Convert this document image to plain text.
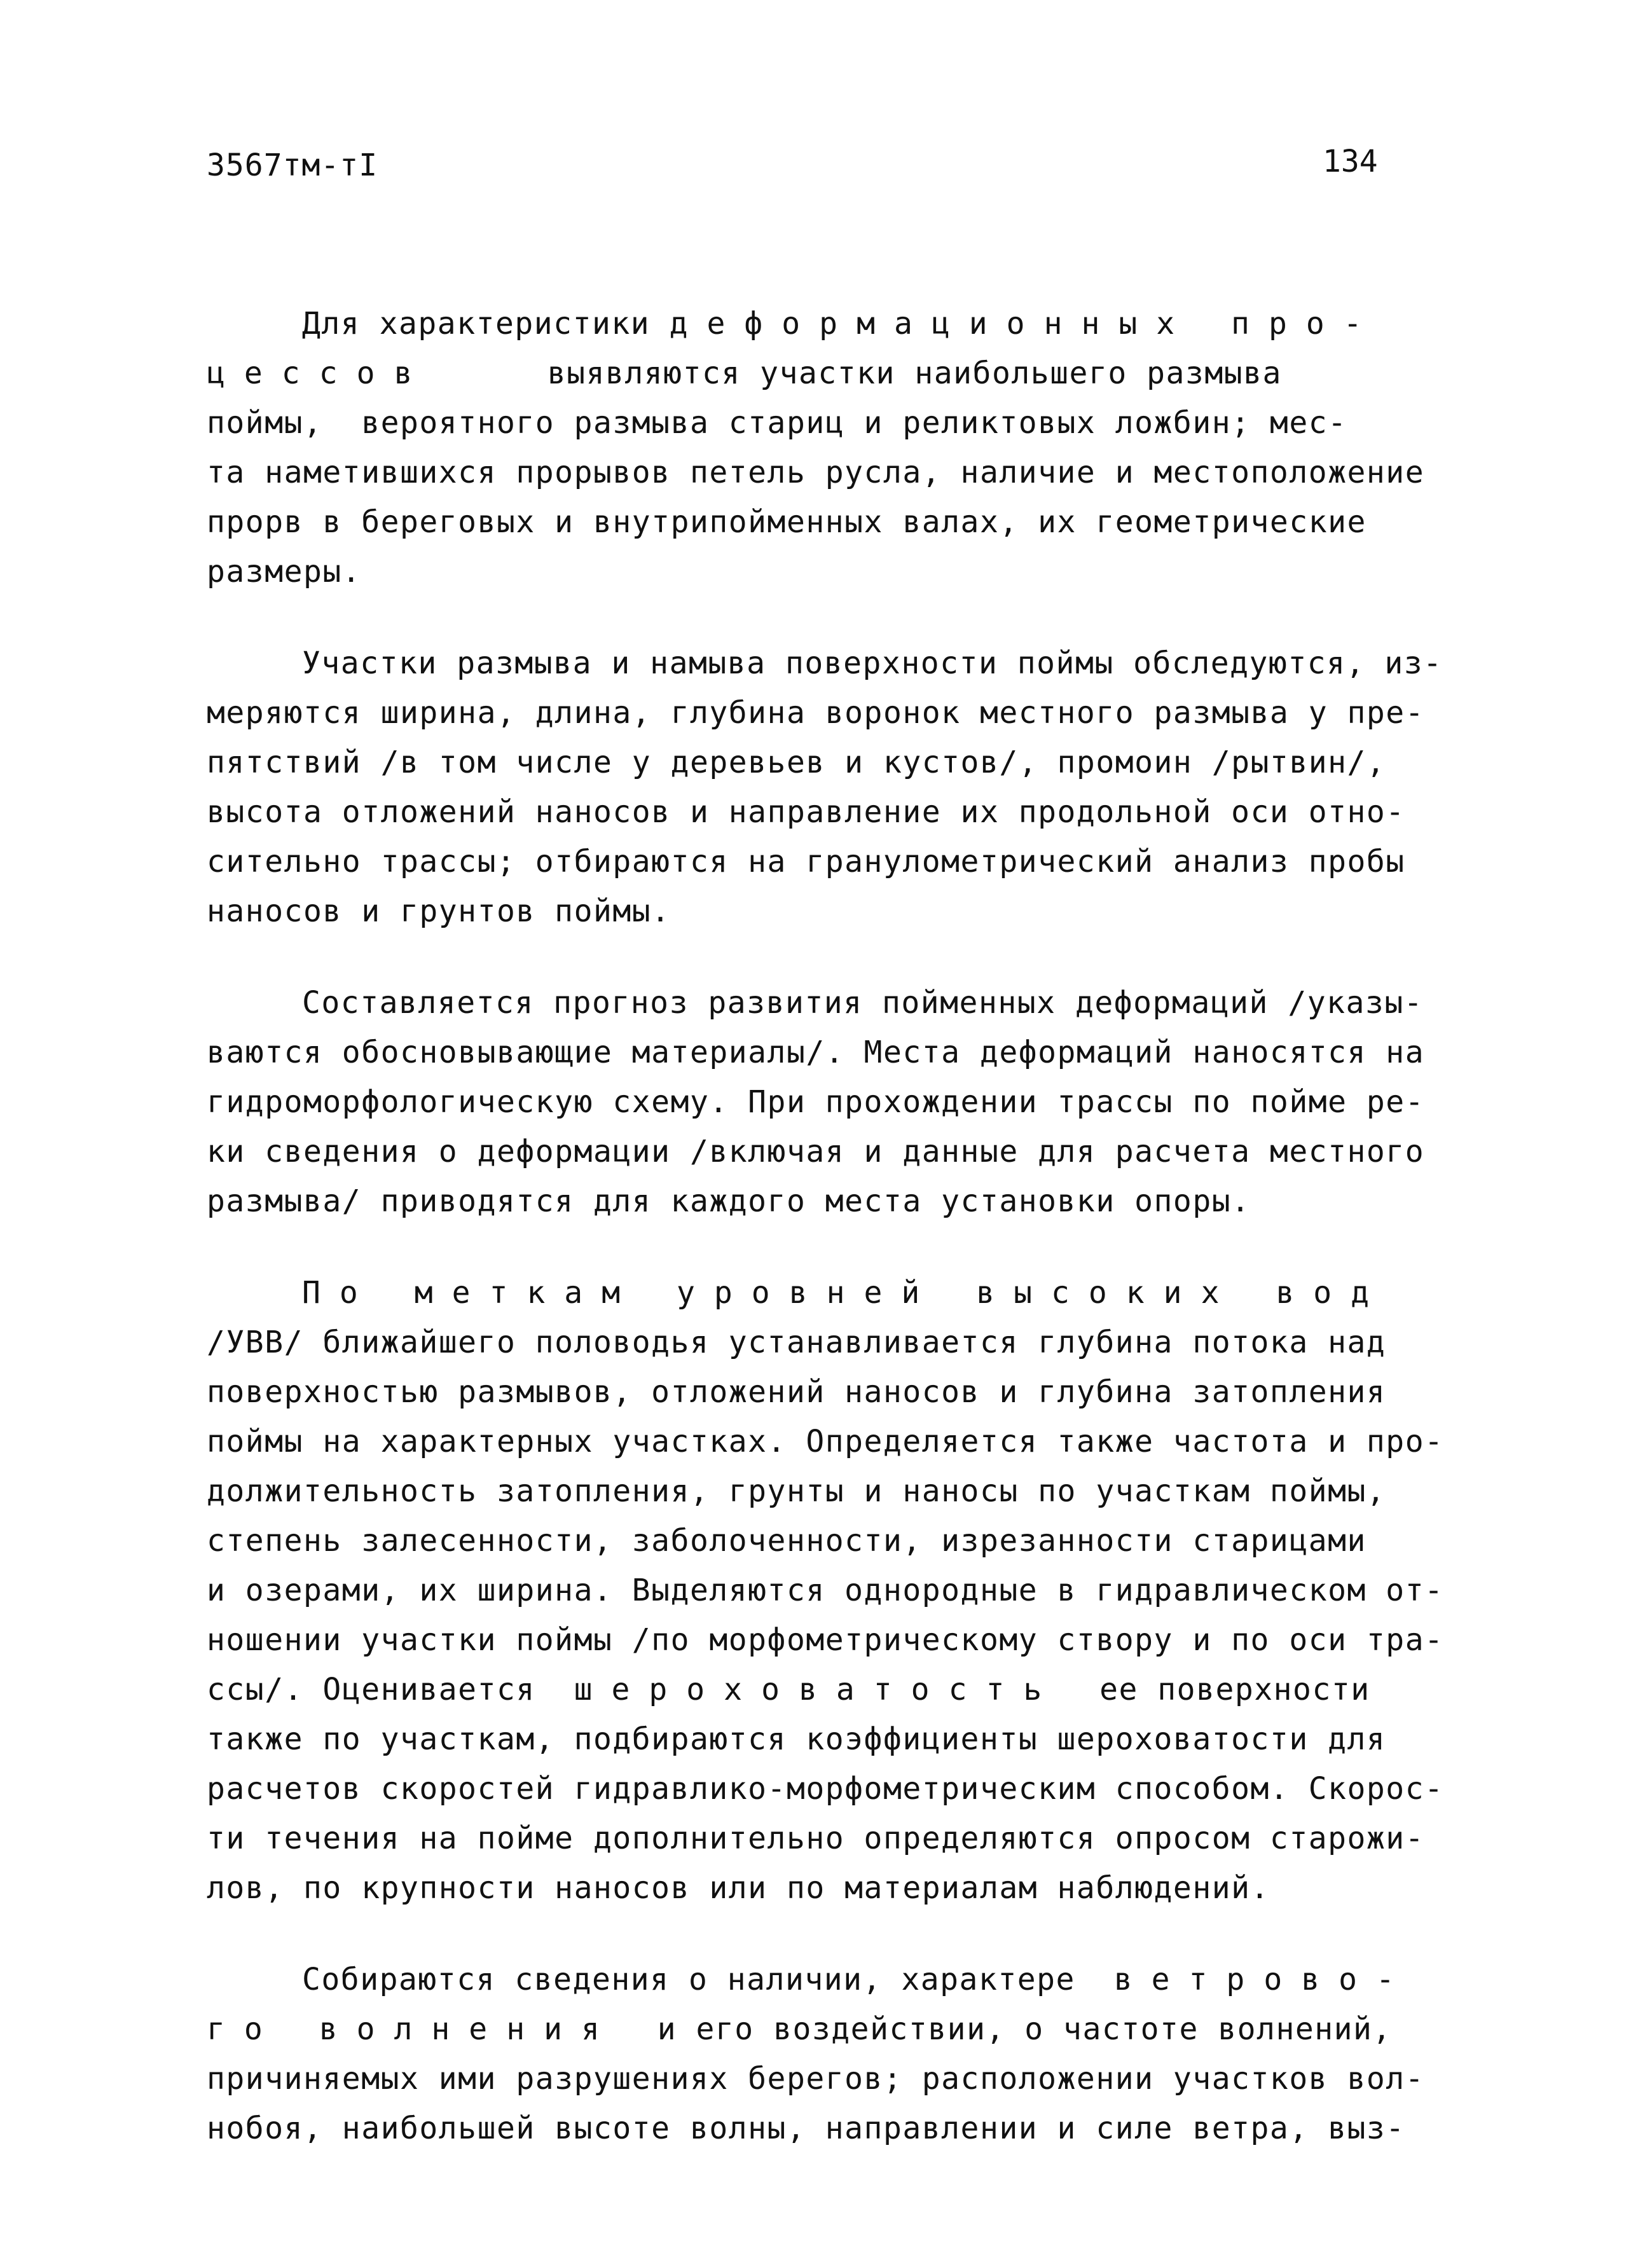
3567тм-тI	134
Для характеристики деформационных про-
цессов      выявляются участки наибольшего размыва
поймы,  вероятного размыва стариц и реликтовых ложбин; мес-
та наметившихся прорывов петель русла, наличие и местоположение
прорв в береговых и внутрипойменных валах, их геометрические
размеры.
Участки размыва и намыва поверхности поймы обследуются, из-
меряются ширина, длина, глубина воронок местного размыва у пре-
пятствий /в том числе у деревьев и кустов/, промоин /рытвин/,
высота отложений наносов и направление их продольной оси отно-
сительно трассы; отбираются на гранулометрический анализ пробы
наносов и грунтов поймы.
Составляется прогноз развития пойменных деформаций /указы-
ваются обосновывающие материалы/. Места деформаций наносятся на
гидроморфологическую схему. При прохождении трассы по пойме ре-
ки сведения о деформации /включая и данные для расчета местного
размыва/ приводятся для каждого места установки опоры.
По меткам уровней высоких вод
/УВВ/ ближайшего половодья устанавливается глубина потока над
поверхностью размывов, отложений наносов и глубина затопления
поймы на характерных участках. Определяется также частота и про-
должительность затопления, грунты и наносы по участкам поймы,
степень залесенности, заболоченности, изрезанности старицами
и озерами, их ширина. Выделяются однородные в гидравлическом от-
ношении участки поймы /по морфометрическому створу и по оси тра-
ссы/. Оценивается  шероховатость  ее поверхности
также по участкам, подбираются коэффициенты шероховатости для
расчетов скоростей гидравлико-морфометрическим способом. Скорос-
ти течения на пойме дополнительно определяются опросом старожи-
лов, по крупности наносов или по материалам наблюдений.
Собираются сведения о наличии, характере  ветрово-
го волнения  и его воздействии, о частоте волнений,
причиняемых ими разрушениях берегов; расположении участков вол-
нобоя, наибольшей высоте волны, направлении и силе ветра, выз-
